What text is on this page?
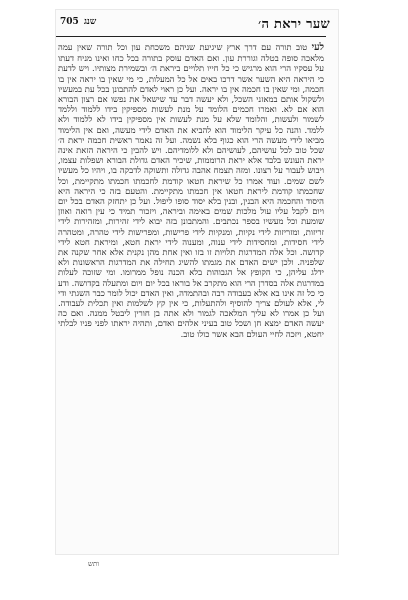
שער יראת ה׳
שנג 705

לעי טוב תורה עם דרך ארץ שיגיעת שניהם משכחת עון וכל תורה שאין עמה מלאכה סופה בטלה וגוררת עון. ואם האדם עוסק בתורה בכל כחו ואינו מניח דעתו על עסקיו הרי הוא מרגיש כי כל חייו תלויים ביראת ה׳ ובשמירת מצותיו. ויש לדעת כי היראה היא השער אשר דרכו באים אל כל המעלות, כי מי שאין בו יראה אין בו חכמה, ומי שאין בו חכמה אין בו יראה. ועל כן ראוי לאדם להתבונן בכל עת במעשיו ולשקול אותם במאזני השכל, ולא יעשה דבר עד שישאל את נפשו אם רצון הבורא הוא אם לא. ואמרו חכמים הלומד על מנת לעשות מספיקין בידו ללמוד וללמד לשמור ולעשות, והלומד שלא על מנת לעשות אין מספיקין בידו לא ללמוד ולא ללמד. והנה כל עיקר הלימוד הוא להביא את האדם לידי מעשה, ואם אין הלימוד מביאו לידי מעשה הרי הוא כגוף בלא נשמה. ועל זה נאמר ראשית חכמה יראת ה׳ שכל טוב לכל עושיהם, לעושיהם ולא ללומדיהם. ויש להבין כי היראה הזאת אינה יראת העונש בלבד אלא יראת הרוממות, שיכיר האדם גדולת הבורא ושפלות עצמו, ויבוש לעבור על רצונו. ומזה תצמח אהבה גדולה ותשוקה לדבקה בו, ויהיו כל מעשיו לשם שמים. ועוד אמרו כל שיראת חטאו קודמת לחכמתו חכמתו מתקיימת, וכל שחכמתו קודמת ליראת חטאו אין חכמתו מתקיימת. והטעם בזה כי היראה היא היסוד והחכמה היא הבנין, ובנין בלא יסוד סופו ליפול. ועל כן יתחזק האדם בכל יום ויום לקבל עליו עול מלכות שמים באימה וביראה, ויזכור תמיד כי עין רואה ואוזן שומעת וכל מעשיו בספר נכתבים. והמתבונן בזה יבוא לידי זהירות, ומזהירות לידי זריזות, ומזריזות לידי נקיות, ומנקיות לידי פרישות, ומפרישות לידי טהרה, ומטהרה לידי חסידות, ומחסידות לידי ענוה, ומענוה לידי יראת חטא, ומיראת חטא לידי קדושה. וכל אלה המדרגות תלויות זו בזו ואין אחת מהן נקנית אלא אחר שקנה את שלפניה. ולכן ישים האדם את מגמתו להשיג תחילה את המדרגות הראשונות ולא ידלג עליהן, כי הקופץ אל הגבוהות בלא הכנה נופל ממרומו. ומי שזוכה לעלות במדרגות אלה בסדרן הרי הוא מתקרב אל בוראו בכל יום ויום ומתעלה בקדושה. ודע כי כל זה אינו בא אלא בעבודה רבה ובהתמדה, ואין האדם יכול לומר כבר השגתי ודי לי, אלא לעולם צריך להוסיף ולהתעלות, כי אין קץ לשלמות ואין תכלית לעבודה. ועל כן אמרו לא עליך המלאכה לגמור ולא אתה בן חורין ליבטל ממנה. ואם כה יעשה האדם ימצא חן ושכל טוב בעיני אלהים ואדם, ותהיה יראתו לפני פניו לבלתי יחטא, ויזכה לחיי העולם הבא אשר כולו טוב.

ותש
